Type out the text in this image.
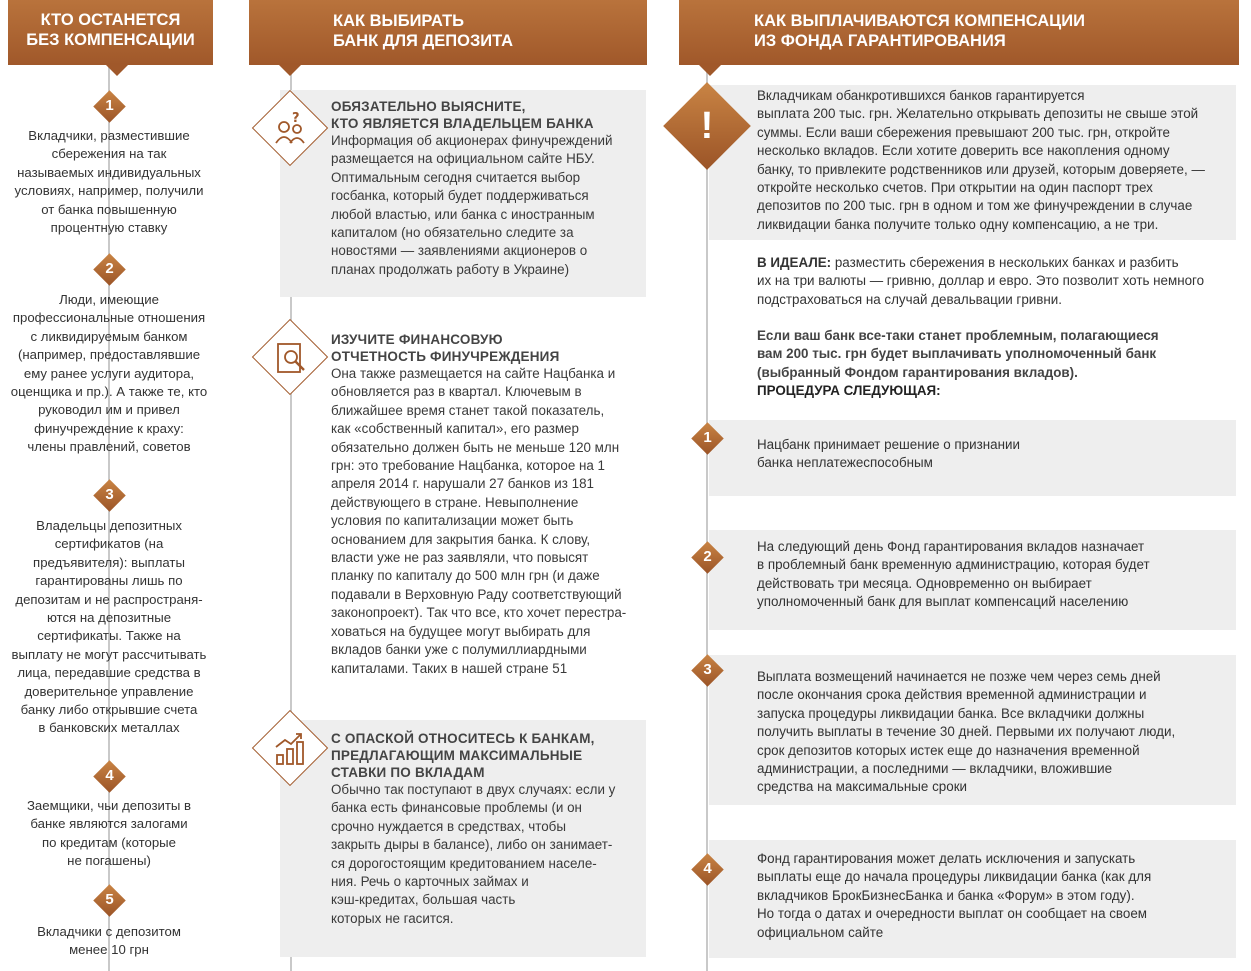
КТО ОСТАНЕТСЯ
БЕЗ КОМПЕНСАЦИИ
1
Вкладчики, разместившие
сбережения на так
называемых индивидуальных
условиях, например, получили
от банка повышенную
процентную ставку
2
Люди, имеющие
профессиональные отношения
с ликвидируемым банком
(например, предоставлявшие
ему ранее услуги аудитора,
оценщика и пр.). А также те, кто
руководил им и привел
финучреждение к краху:
члены правлений, советов
3
Владельцы депозитных
сертификатов (на
предъявителя): выплаты
гарантированы лишь по
депозитам и не распространя-
ются на депозитные
сертификаты. Также на
выплату не могут рассчитывать
лица, передавшие средства в
доверительное управление
банку либо открывшие счета
в банковских металлах
4
Заемщики, чьи депозиты в
банке являются залогами
по кредитам (которые
не погашены)
5
Вкладчики с депозитом
менее 10 грн
КАК ВЫБИРАТЬ
БАНК ДЛЯ ДЕПОЗИТА
?
ОБЯЗАТЕЛЬНО ВЫЯСНИТЕ,
КТО ЯВЛЯЕТСЯ ВЛАДЕЛЬЦЕМ БАНКА
Информация об акционерах финучреждений
размещается на официальном сайте НБУ.
Оптимальным сегодня считается выбор
госбанка, который будет поддерживаться
любой властью, или банка с иностранным
капиталом (но обязательно следите за
новостями — заявлениями акционеров о
планах продолжать работу в Украине)
ИЗУЧИТЕ ФИНАНСОВУЮ
ОТЧЕТНОСТЬ ФИНУЧРЕЖДЕНИЯ
Она также размещается на сайте Нацбанка и
обновляется раз в квартал. Ключевым в
ближайшее время станет такой показатель,
как «собственный капитал», его размер
обязательно должен быть не меньше 120 млн
грн: это требование Нацбанка, которое на 1
апреля 2014 г. нарушали 27 банков из 181
действующего в стране. Невыполнение
условия по капитализации может быть
основанием для закрытия банка. К слову,
власти уже не раз заявляли, что повысят
планку по капиталу до 500 млн грн (и даже
подавали в Верховную Раду соответствующий
законопроект). Так что все, кто хочет перестра-
ховаться на будущее могут выбирать для
вкладов банки уже с полумиллиардными
капиталами. Таких в нашей стране 51
С ОПАСКОЙ ОТНОСИТЕСЬ К БАНКАМ,
ПРЕДЛАГАЮЩИМ МАКСИМАЛЬНЫЕ
СТАВКИ ПО ВКЛАДАМ
Обычно так поступают в двух случаях: если у
банка есть финансовые проблемы (и он
срочно нуждается в средствах, чтобы
закрыть дыры в балансе), либо он занимает-
ся дорогостоящим кредитованием населе-
ния. Речь о карточных займах и
кэш-кредитах, большая часть
которых не гасится.
КАК ВЫПЛАЧИВАЮТСЯ КОМПЕНСАЦИИ
ИЗ ФОНДА ГАРАНТИРОВАНИЯ
!
Вкладчикам обанкротившихся банков гарантируется
выплата 200 тыс. грн. Желательно открывать депозиты не свыше этой
суммы. Если ваши сбережения превышают 200 тыс. грн, откройте
несколько вкладов. Если хотите доверить все накопления одному
банку, то привлеките родственников или друзей, которым доверяете, —
откройте несколько счетов. При открытии на один паспорт трех
депозитов по 200 тыс. грн в одном и том же финучреждении в случае
ликвидации банка получите только одну компенсацию, а не три.
В ИДЕАЛЕ: разместить сбережения в нескольких банках и разбить
их на три валюты — гривню, доллар и евро. Это позволит хоть немного
подстраховаться на случай девальвации гривни.
Если ваш банк все-таки станет проблемным, полагающиеся
вам 200 тыс. грн будет выплачивать уполномоченный банк
(выбранный Фондом гарантирования вкладов).
ПРОЦЕДУРА СЛЕДУЮЩАЯ:
1	Нацбанк принимает решение о признании
банка неплатежеспособным
2
На следующий день Фонд гарантирования вкладов назначает
в проблемный банк временную администрацию, которая будет
действовать три месяца. Одновременно он выбирает
уполномоченный банк для выплат компенсаций населению
3	Выплата возмещений начинается не позже чем через семь дней
после окончания срока действия временной администрации и
запуска процедуры ликвидации банка. Все вкладчики должны
получить выплаты в течение 30 дней. Первыми их получают люди,
срок депозитов которых истек еще до назначения временной
администрации, а последними — вкладчики, вложившие
средства на максимальные сроки
4
Фонд гарантирования может делать исключения и запускать
выплаты еще до начала процедуры ликвидации банка (как для
вкладчиков БрокБизнесБанка и банка «Форум» в этом году).
Но тогда о датах и очередности выплат он сообщает на своем
официальном сайте
